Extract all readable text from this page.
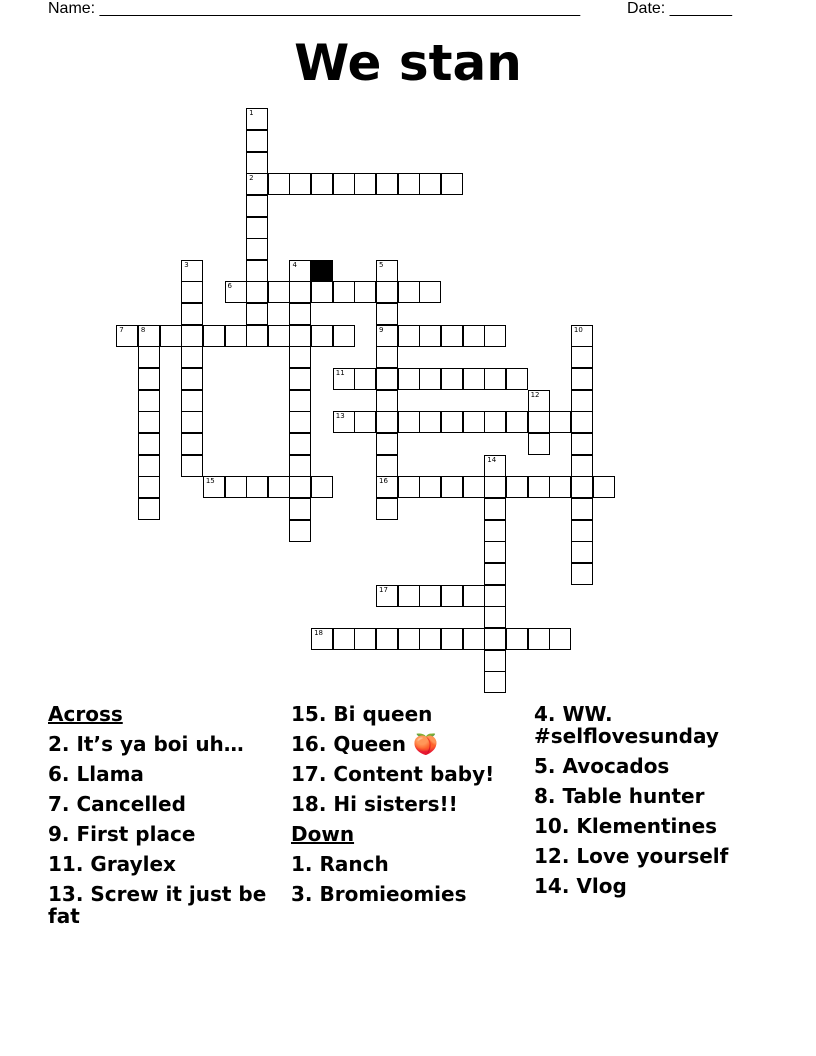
Name: ______________________________________________________	Date: _______
We stan
1
2
3	4	5
9
16
6
7 8	10
11
12
13
14
15
17
18
Across
2. It’s ya boi uh…
6. Llama
7. Cancelled
9. First place
11. Graylex
13. Screw it just be fat
15. Bi queen
16. Queen 🍑
17. Content baby!
18. Hi sisters!!
Down
1. Ranch
3. Bromieomies
4. WW. #selflovesunday
5. Avocados
8. Table hunter
10. Klementines
12. Love yourself
14. Vlog
